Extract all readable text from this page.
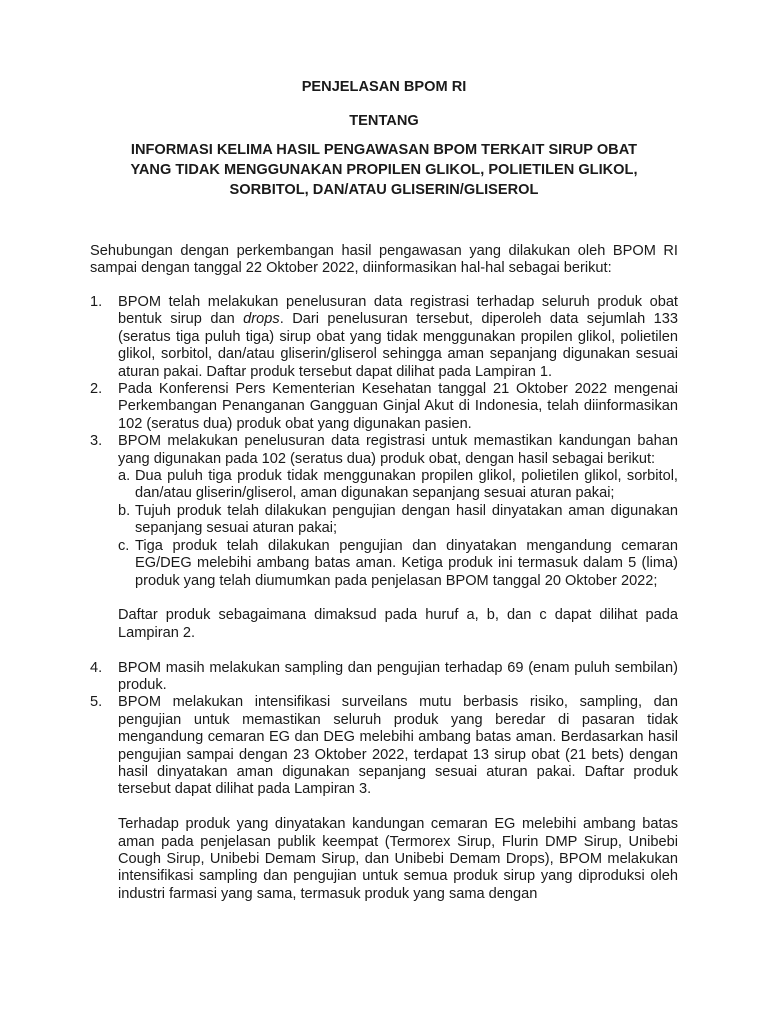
PENJELASAN BPOM RI
TENTANG
INFORMASI KELIMA HASIL PENGAWASAN BPOM TERKAIT SIRUP OBAT
YANG TIDAK MENGGUNAKAN PROPILEN GLIKOL, POLIETILEN GLIKOL,
SORBITOL, DAN/ATAU GLISERIN/GLISEROL
Sehubungan dengan perkembangan hasil pengawasan yang dilakukan oleh BPOM RI sampai dengan tanggal 22 Oktober 2022, diinformasikan hal-hal sebagai berikut:
1. BPOM telah melakukan penelusuran data registrasi terhadap seluruh produk obat bentuk sirup dan drops. Dari penelusuran tersebut, diperoleh data sejumlah 133 (seratus tiga puluh tiga) sirup obat yang tidak menggunakan propilen glikol, polietilen glikol, sorbitol, dan/atau gliserin/gliserol sehingga aman sepanjang digunakan sesuai aturan pakai. Daftar produk tersebut dapat dilihat pada Lampiran 1.
2. Pada Konferensi Pers Kementerian Kesehatan tanggal 21 Oktober 2022 mengenai Perkembangan Penanganan Gangguan Ginjal Akut di Indonesia, telah diinformasikan 102 (seratus dua) produk obat yang digunakan pasien.
3. BPOM melakukan penelusuran data registrasi untuk memastikan kandungan bahan yang digunakan pada 102 (seratus dua) produk obat, dengan hasil sebagai berikut:
a. Dua puluh tiga produk tidak menggunakan propilen glikol, polietilen glikol, sorbitol, dan/atau gliserin/gliserol, aman digunakan sepanjang sesuai aturan pakai;
b. Tujuh produk telah dilakukan pengujian dengan hasil dinyatakan aman digunakan sepanjang sesuai aturan pakai;
c. Tiga produk telah dilakukan pengujian dan dinyatakan mengandung cemaran EG/DEG melebihi ambang batas aman. Ketiga produk ini termasuk dalam 5 (lima) produk yang telah diumumkan pada penjelasan BPOM tanggal 20 Oktober 2022;
Daftar produk sebagaimana dimaksud pada huruf a, b, dan c dapat dilihat pada Lampiran 2.
4. BPOM masih melakukan sampling dan pengujian terhadap 69 (enam puluh sembilan) produk.
5. BPOM melakukan intensifikasi surveilans mutu berbasis risiko, sampling, dan pengujian untuk memastikan seluruh produk yang beredar di pasaran tidak mengandung cemaran EG dan DEG melebihi ambang batas aman. Berdasarkan hasil pengujian sampai dengan 23 Oktober 2022, terdapat 13 sirup obat (21 bets) dengan hasil dinyatakan aman digunakan sepanjang sesuai aturan pakai. Daftar produk tersebut dapat dilihat pada Lampiran 3.
Terhadap produk yang dinyatakan kandungan cemaran EG melebihi ambang batas aman pada penjelasan publik keempat (Termorex Sirup, Flurin DMP Sirup, Unibebi Cough Sirup, Unibebi Demam Sirup, dan Unibebi Demam Drops), BPOM melakukan intensifikasi sampling dan pengujian untuk semua produk sirup yang diproduksi oleh industri farmasi yang sama, termasuk produk yang sama dengan
